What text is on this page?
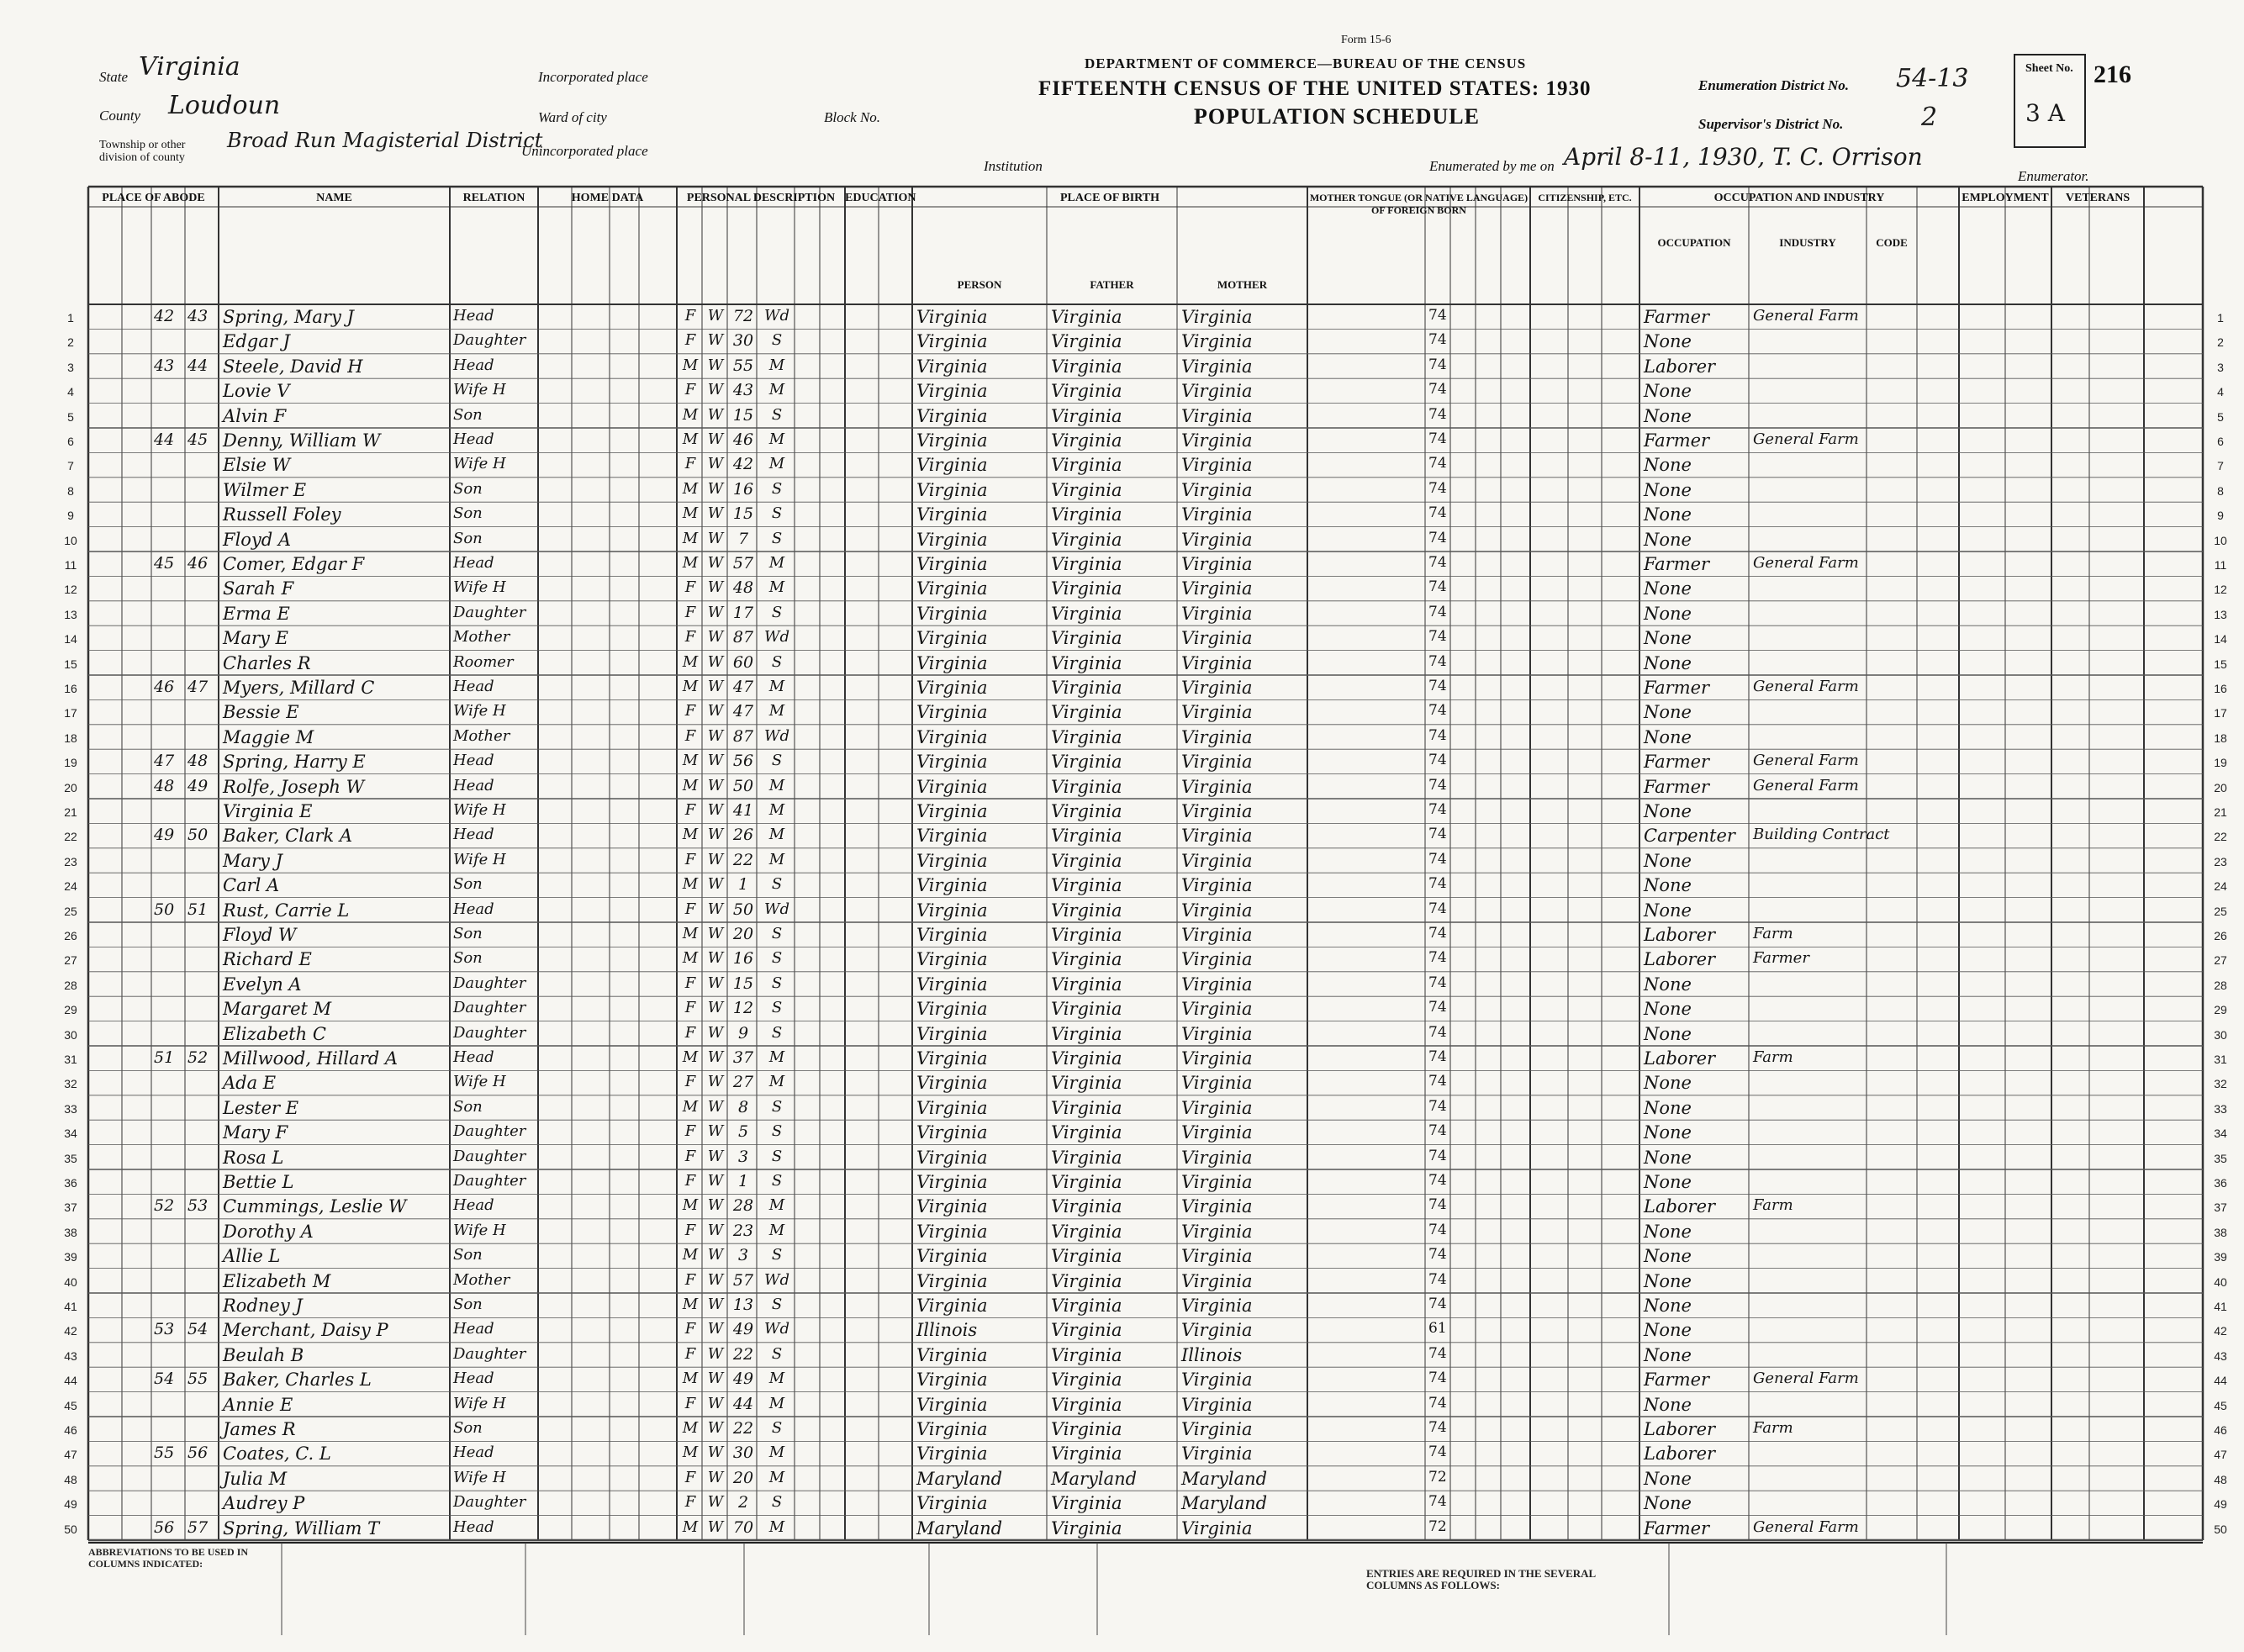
State Virginia
County Loudoun
Township or other division of county
Broad Run Magisterial District
Incorporated place
Ward of city	Block No.
Unincorporated place
Institution
Form 15-6
DEPARTMENT OF COMMERCE—BUREAU OF THE CENSUS
FIFTEENTH CENSUS OF THE UNITED STATES: 1930
POPULATION SCHEDULE
Enumeration District No. 54-13
Supervisor's District No.	2
Sheet No.
3 A
216
Enumerated by me on April 8-11, 1930, T. C. Orrison
Enumerator.
PLACE OF ABODE	NAME	RELATION	HOME DATA	PERSONAL DESCRIPTION EDUCATION	PLACE OF BIRTH	MOTHER TONGUE (OR NATIVE LANGUAGE) OF FOREIGN BORN
CITIZENSHIP, ETC.	OCCUPATION AND INDUSTRY	EMPLOYMENT	VETERANS
PERSON	FATHER	MOTHER
OCCUPATION	INDUSTRY	CODE
1	1
42 43 Spring, Mary J	Head	F W 72 Wd	Virginia	Virginia	Virginia	74	Farmer	General Farm
2	2
Edgar J	Daughter	F W 30	S	Virginia	Virginia	Virginia	74	None
3	3
43 44 Steele, David H	Head	M W 55	M	Virginia	Virginia	Virginia	74	Laborer
4	4
Lovie V	Wife H	F W 43	M	Virginia	Virginia	Virginia	74	None
5	5
Alvin F	Son	M W 15	S	Virginia	Virginia	Virginia	74	None
6	6
44 45 Denny, William W	Head	M W 46	M	Virginia	Virginia	Virginia	74	Farmer	General Farm
7	7
Elsie W	Wife H	F W 42	M	Virginia	Virginia	Virginia	74	None
8	8
Wilmer E	Son	M W 16	S	Virginia	Virginia	Virginia	74	None
9	9
Russell Foley	Son	M W 15	S	Virginia	Virginia	Virginia	74	None
10	10
Floyd A	Son	M W 7	S	Virginia	Virginia	Virginia	74	None
11	11
45 46 Comer, Edgar F	Head	M W 57	M	Virginia	Virginia	Virginia	74	Farmer	General Farm
12	12
Sarah F	Wife H	F W 48	M	Virginia	Virginia	Virginia	74	None
13	13
Erma E	Daughter	F W 17	S	Virginia	Virginia	Virginia	74	None
14	14
Mary E	Mother	F W 87 Wd	Virginia	Virginia	Virginia	74	None
15	15
Charles R	Roomer	M W 60	S	Virginia	Virginia	Virginia	74	None
16	16
46 47 Myers, Millard C	Head	M W 47	M	Virginia	Virginia	Virginia	74	Farmer	General Farm
17	17
Bessie E	Wife H	F W 47	M	Virginia	Virginia	Virginia	74	None
18	18
Maggie M	Mother	F W 87 Wd	Virginia	Virginia	Virginia	74	None
19	19
47 48 Spring, Harry E	Head	M W 56	S	Virginia	Virginia	Virginia	74	Farmer	General Farm
20	20
48 49 Rolfe, Joseph W	Head	M W 50	M	Virginia	Virginia	Virginia	74	Farmer	General Farm
21	21
Virginia E	Wife H	F W 41	M	Virginia	Virginia	Virginia	74	None
22	22
49 50 Baker, Clark A	Head	M W 26	M	Virginia	Virginia	Virginia	74	Carpenter	Building Contract
23	23
Mary J	Wife H	F W 22	M	Virginia	Virginia	Virginia	74	None
24	24
Carl A	Son	M W 1	S	Virginia	Virginia	Virginia	74	None
25	25
50 51 Rust, Carrie L	Head	F W 50 Wd	Virginia	Virginia	Virginia	74	None
26	26
Floyd W	Son	M W 20	S	Virginia	Virginia	Virginia	74	Laborer	Farm
27	27
Richard E	Son	M W 16	S	Virginia	Virginia	Virginia	74	Laborer	Farmer
28	28
Evelyn A	Daughter	F W 15	S	Virginia	Virginia	Virginia	74	None
29	29
Margaret M	Daughter	F W 12	S	Virginia	Virginia	Virginia	74	None
30	30
Elizabeth C	Daughter	F W 9	S	Virginia	Virginia	Virginia	74	None
31	31
51 52 Millwood, Hillard A	Head	M W 37	M	Virginia	Virginia	Virginia	74	Laborer	Farm
32	32
Ada E	Wife H	F W 27	M	Virginia	Virginia	Virginia	74	None
33	33
Lester E	Son	M W 8	S	Virginia	Virginia	Virginia	74	None
34	34
Mary F	Daughter	F W 5	S	Virginia	Virginia	Virginia	74	None
35	35
Rosa L	Daughter	F W 3	S	Virginia	Virginia	Virginia	74	None
36	36
Bettie L	Daughter	F W 1	S	Virginia	Virginia	Virginia	74	None
37	37
52 53 Cummings, Leslie W	Head	M W 28	M	Virginia	Virginia	Virginia	74	Laborer	Farm
38	38
Dorothy A	Wife H	F W 23	M	Virginia	Virginia	Virginia	74	None
39	39
Allie L	Son	M W 3	S	Virginia	Virginia	Virginia	74	None
40	40
Elizabeth M	Mother	F W 57 Wd	Virginia	Virginia	Virginia	74	None
41	41
Rodney J	Son	M W 13	S	Virginia	Virginia	Virginia	74	None
42	42
53 54 Merchant, Daisy P	Head	F W 49 Wd	Illinois	Virginia	Virginia	61	None
43	43
Beulah B	Daughter	F W 22	S	Virginia	Virginia	Illinois	74	None
44	44
54 55 Baker, Charles L	Head	M W 49	M	Virginia	Virginia	Virginia	74	Farmer	General Farm
45	45
Annie E	Wife H	F W 44	M	Virginia	Virginia	Virginia	74	None
46	46
James R	Son	M W 22	S	Virginia	Virginia	Virginia	74	Laborer	Farm
47	47
55 56 Coates, C. L	Head	M W 30	M	Virginia	Virginia	Virginia	74	Laborer
48	48
Julia M	Wife H	F W 20	M	Maryland	Maryland	Maryland	72	None
49	49
Audrey P	Daughter	F W 2	S	Virginia	Virginia	Maryland	74	None
50	50
56 57 Spring, William T	Head	M W 70	M	Maryland	Virginia	Virginia	72	Farmer	General Farm
ABBREVIATIONS TO BE USED IN COLUMNS INDICATED:
ENTRIES ARE REQUIRED IN THE SEVERAL COLUMNS AS FOLLOWS:
